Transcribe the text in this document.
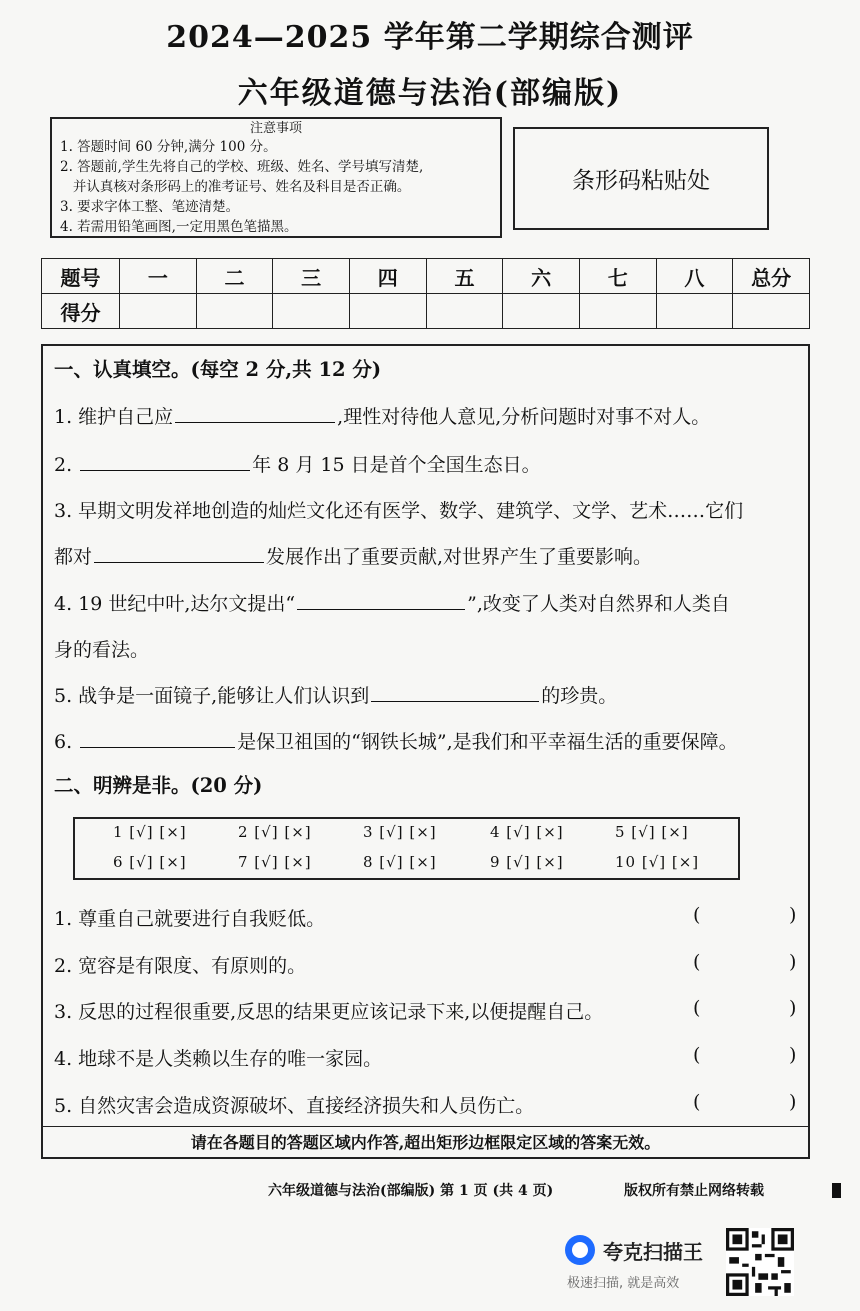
2024—2025 学年第二学期综合测评
六年级道德与法治(部编版)
注意事项
1. 答题时间 60 分钟,满分 100 分。
2. 答题前,学生先将自己的学校、班级、姓名、学号填写清楚,
并认真核对条形码上的准考证号、姓名及科目是否正确。
3. 要求字体工整、笔迹清楚。
4. 若需用铅笔画图,一定用黑色笔描黑。
条形码粘贴处
题号	一	二	三	四	五	六	七	八	总分
得分									
一、认真填空。(每空 2 分,共 12 分)
1. 维护自己应	,理性对待他人意见,分析问题时对事不对人。
2.	年 8 月 15 日是首个全国生态日。
3. 早期文明发祥地创造的灿烂文化还有医学、数学、建筑学、文学、艺术……它们
都对	发展作出了重要贡献,对世界产生了重要影响。
4. 19 世纪中叶,达尔文提出“	”,改变了人类对自然界和人类自
身的看法。
5. 战争是一面镜子,能够让人们认识到	的珍贵。
6.	是保卫祖国的“钢铁长城”,是我们和平幸福生活的重要保障。
二、明辨是非。(20 分)
1 [√] [×]	2 [√] [×]	3 [√] [×]	4 [√] [×]	5 [√] [×]
6 [√] [×]	7 [√] [×]	8 [√] [×]	9 [√] [×]	10 [√] [×]
1. 尊重自己就要进行自我贬低。	(	)
2. 宽容是有限度、有原则的。	(	)
3. 反思的过程很重要,反思的结果更应该记录下来,以便提醒自己。	(	)
4. 地球不是人类赖以生存的唯一家园。	(	)
5. 自然灾害会造成资源破坏、直接经济损失和人员伤亡。	(	)
请在各题目的答题区域内作答,超出矩形边框限定区域的答案无效。
六年级道德与法治(部编版) 第 1 页 (共 4 页)	版权所有禁止网络转载
夸克扫描王
极速扫描, 就是高效
